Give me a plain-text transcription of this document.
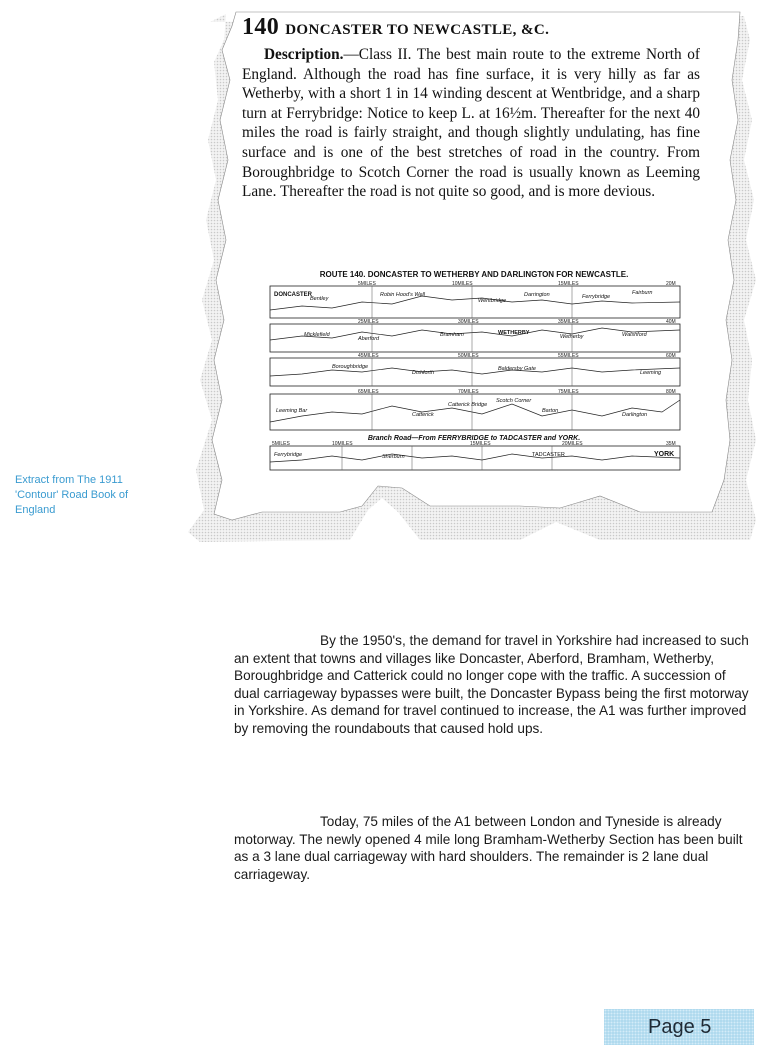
140 DONCASTER TO NEWCASTLE, &C.

Description.—Class II. The best main route to the extreme North of England. Although the road has fine surface, it is very hilly as far as Wetherby, with a short 1 in 14 winding descent at Wentbridge, and a sharp turn at Ferrybridge: Notice to keep L. at 16½m. Thereafter for the next 40 miles the road is fairly straight, and though slightly undulating, has fine surface and is one of the best stretches of road in the country. From Boroughbridge to Scotch Corner the road is usually known as Leeming Lane. Thereafter the road is not quite so good, and is more devious.

ROUTE 140. DONCASTER TO WETHERBY AND DARLINGTON FOR NEWCASTLE.
5MILES	10MILES	15MILES	20M
DONCASTER
Bentley
Robin Hood's Well
Wentbridge
Darrington	Ferrybridge
Fairburn
25MILES	30MILES	35MILES	40M
Micklefield
Aberford
Bramham	WETHERBY
Wetherby	Walshford
45MILES	50MILES	55MILES	60M
Boroughbridge
Dishforth
Baldersby Gate
Leeming
65MILES	70MILES	75MILES	80M
Leeming Bar
Catterick
Catterick Bridge
Scotch Corner
Barton
Darlington
Branch Road—From FERRYBRIDGE to TADCASTER and YORK.
5MILES	10MILES	15MILES	20MILES	35M
Ferrybridge	Sherburn	TADCASTER	YORK
Extract from The 1911 'Contour' Road Book of England

By the 1950's, the demand for travel in Yorkshire had increased to such an extent that towns and villages like Doncaster, Aberford, Bramham, Wetherby, Boroughbridge and Catterick could no longer cope with the traffic. A succession of dual carriageway bypasses were built, the Doncaster Bypass being the first motorway in Yorkshire. As demand for travel continued to increase, the A1 was further improved by removing the roundabouts that caused hold ups.

Today, 75 miles of the A1 between London and Tyneside is already motorway. The newly opened 4 mile long Bramham-Wetherby Section has been built as a 3 lane dual carriageway with hard shoulders. The remainder is 2 lane dual carriageway.

Page 5
